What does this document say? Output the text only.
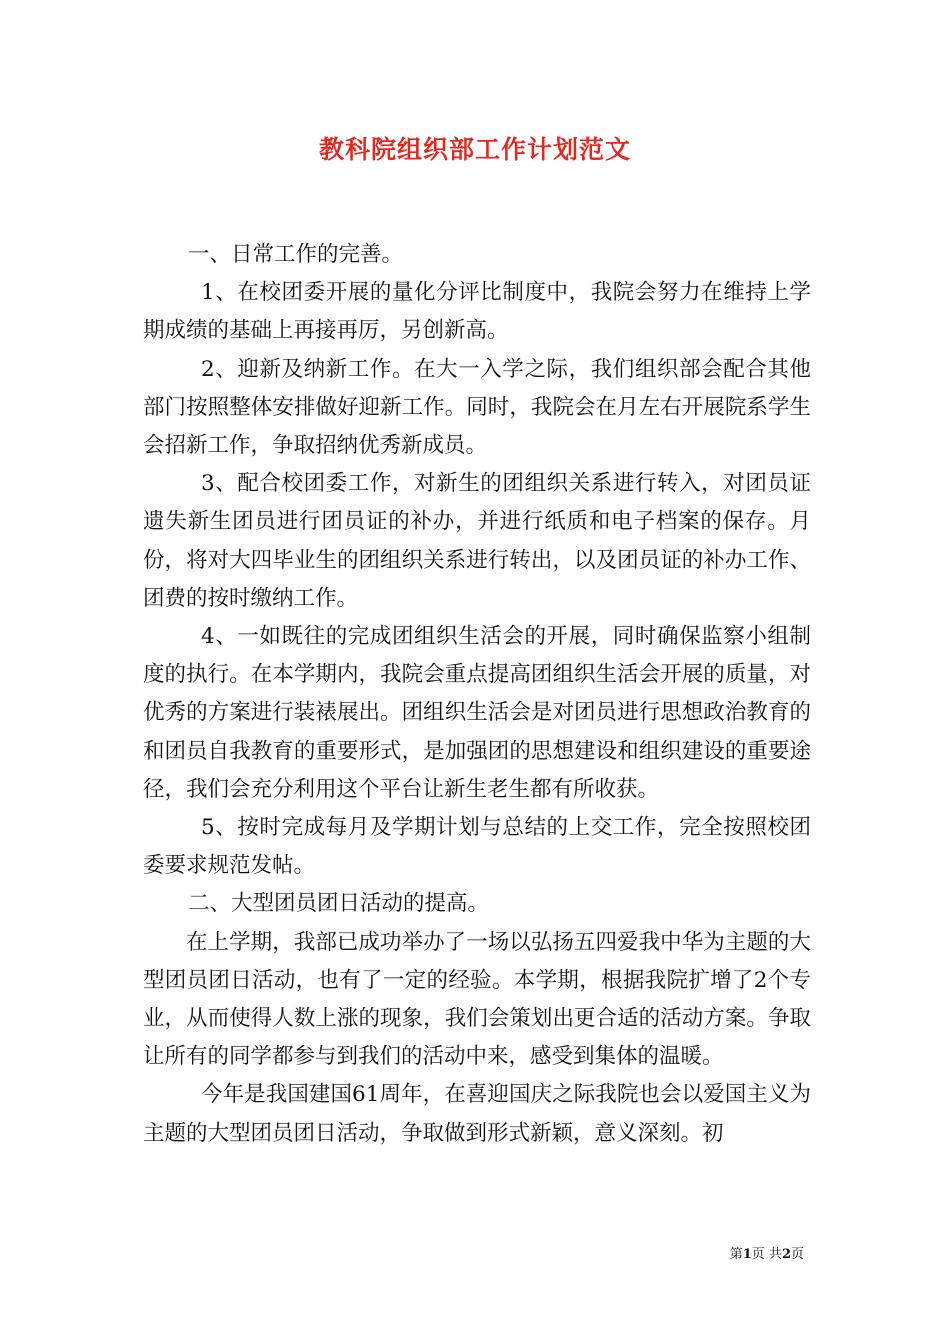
教科院组织部工作计划范文

一、日常工作的完善。

1、在校团委开展的量化分评比制度中，我院会努力在维持上学期成绩的基础上再接再厉，另创新高。

2、迎新及纳新工作。在大一入学之际，我们组织部会配合其他部门按照整体安排做好迎新工作。同时，我院会在月左右开展院系学生会招新工作，争取招纳优秀新成员。

3、配合校团委工作，对新生的团组织关系进行转入，对团员证遗失新生团员进行团员证的补办，并进行纸质和电子档案的保存。月份，将对大四毕业生的团组织关系进行转出，以及团员证的补办工作、团费的按时缴纳工作。

4、一如既往的完成团组织生活会的开展，同时确保监察小组制度的执行。在本学期内，我院会重点提高团组织生活会开展的质量，对优秀的方案进行装裱展出。团组织生活会是对团员进行思想政治教育的和团员自我教育的重要形式，是加强团的思想建设和组织建设的重要途径，我们会充分利用这个平台让新生老生都有所收获。

5、按时完成每月及学期计划与总结的上交工作，完全按照校团委要求规范发帖。

二、大型团员团日活动的提高。

在上学期，我部已成功举办了一场以弘扬五四爱我中华为主题的大型团员团日活动，也有了一定的经验。本学期，根据我院扩增了2个专业，从而使得人数上涨的现象，我们会策划出更合适的活动方案。争取让所有的同学都参与到我们的活动中来，感受到集体的温暖。

今年是我国建国61周年，在喜迎国庆之际我院也会以爱国主义为主题的大型团员团日活动，争取做到形式新颖，意义深刻。初

第1页 共2页
